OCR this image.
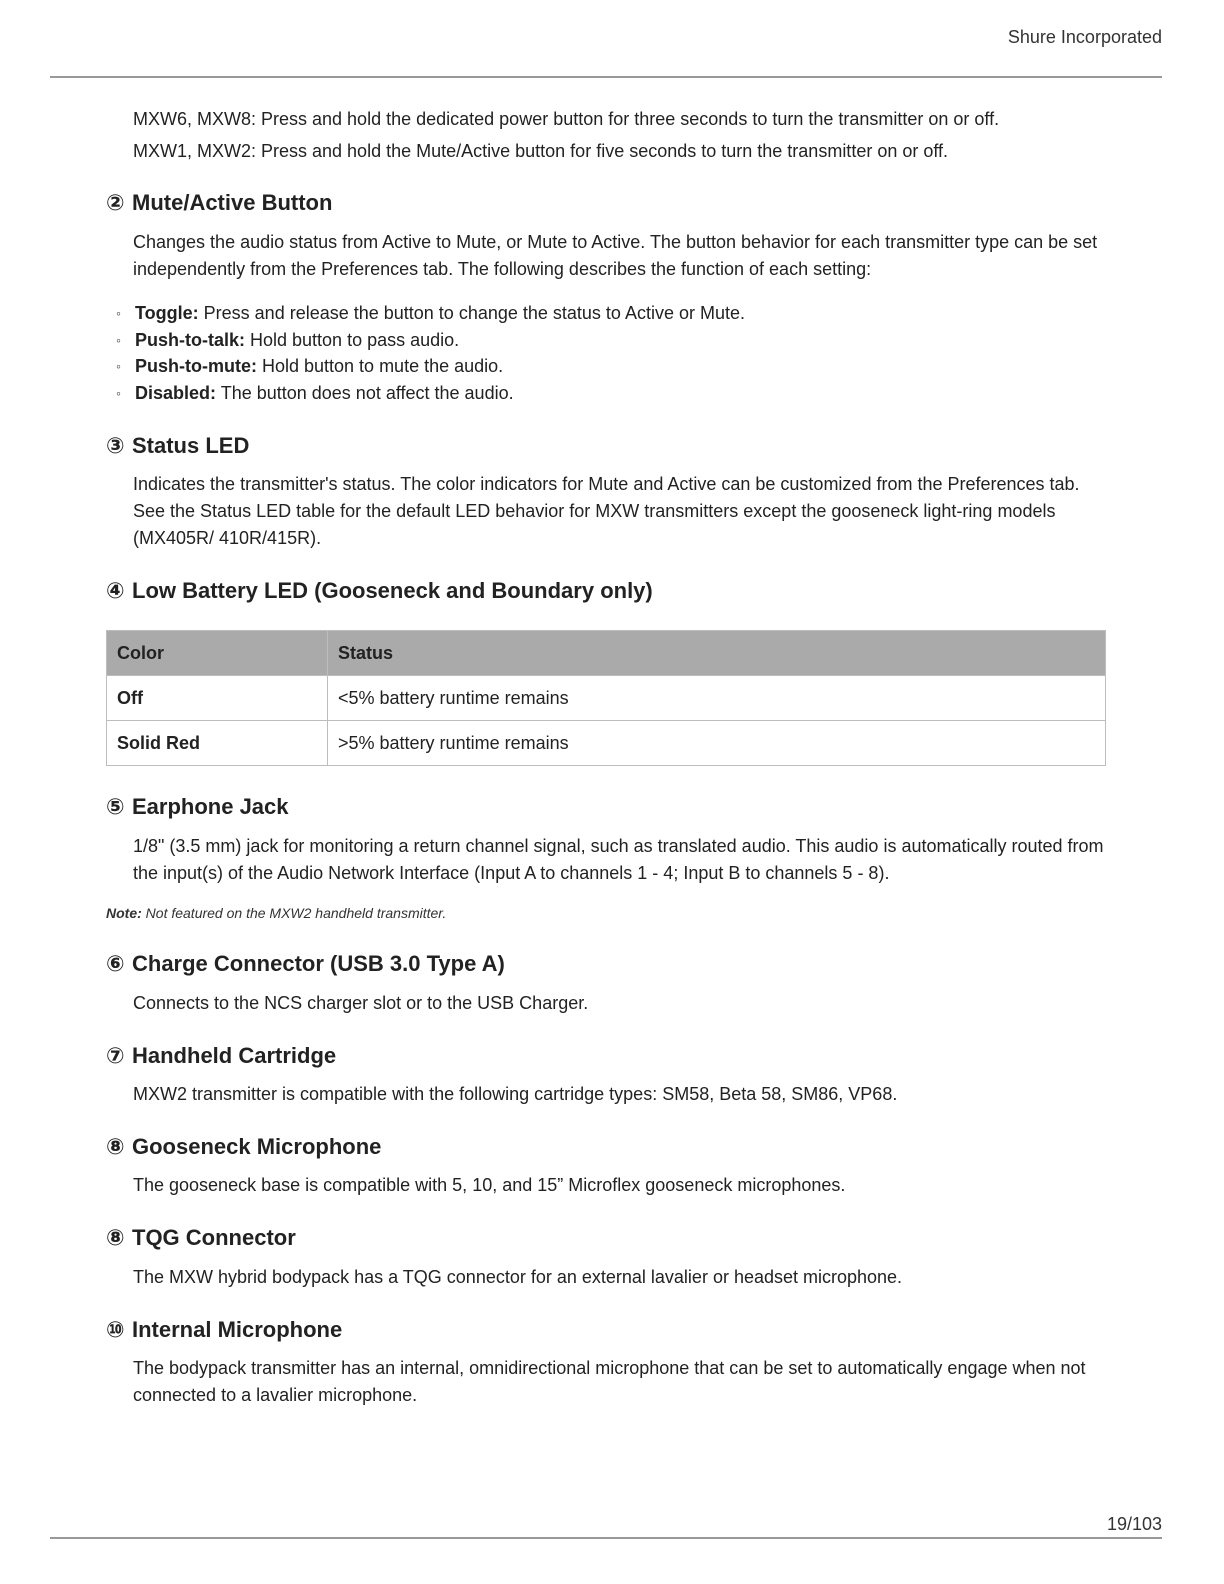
Shure Incorporated

MXW6, MXW8: Press and hold the dedicated power button for three seconds to turn the transmitter on or off.

MXW1, MXW2: Press and hold the Mute/Active button for five seconds to turn the transmitter on or off.

② Mute/Active Button

Changes the audio status from Active to Mute, or Mute to Active. The button behavior for each transmitter type can be set independently from the Preferences tab. The following describes the function of each setting:

◦ Toggle: Press and release the button to change the status to Active or Mute.
◦ Push-to-talk: Hold button to pass audio.
◦ Push-to-mute: Hold button to mute the audio.
◦ Disabled: The button does not affect the audio.
③ Status LED

Indicates the transmitter's status. The color indicators for Mute and Active can be customized from the Preferences tab. See the Status LED table for the default LED behavior for MXW transmitters except the gooseneck light-ring models (MX405R/ 410R/415R).

④ Low Battery LED (Gooseneck and Boundary only)
Color	Status
Off	<5% battery runtime remains
Solid Red	>5% battery runtime remains
⑤ Earphone Jack

1/8" (3.5 mm) jack for monitoring a return channel signal, such as translated audio. This audio is automatically routed from the input(s) of the Audio Network Interface (Input A to channels 1 - 4; Input B to channels 5 - 8).

Note: Not featured on the MXW2 handheld transmitter.
⑥ Charge Connector (USB 3.0 Type A)

Connects to the NCS charger slot or to the USB Charger.

⑦ Handheld Cartridge

MXW2 transmitter is compatible with the following cartridge types: SM58, Beta 58, SM86, VP68.

⑧ Gooseneck Microphone

The gooseneck base is compatible with 5, 10, and 15” Microflex gooseneck microphones.

⑧ TQG Connector

The MXW hybrid bodypack has a TQG connector for an external lavalier or headset microphone.

⑩ Internal Microphone

The bodypack transmitter has an internal, omnidirectional microphone that can be set to automatically engage when not connected to a lavalier microphone.

19/103
